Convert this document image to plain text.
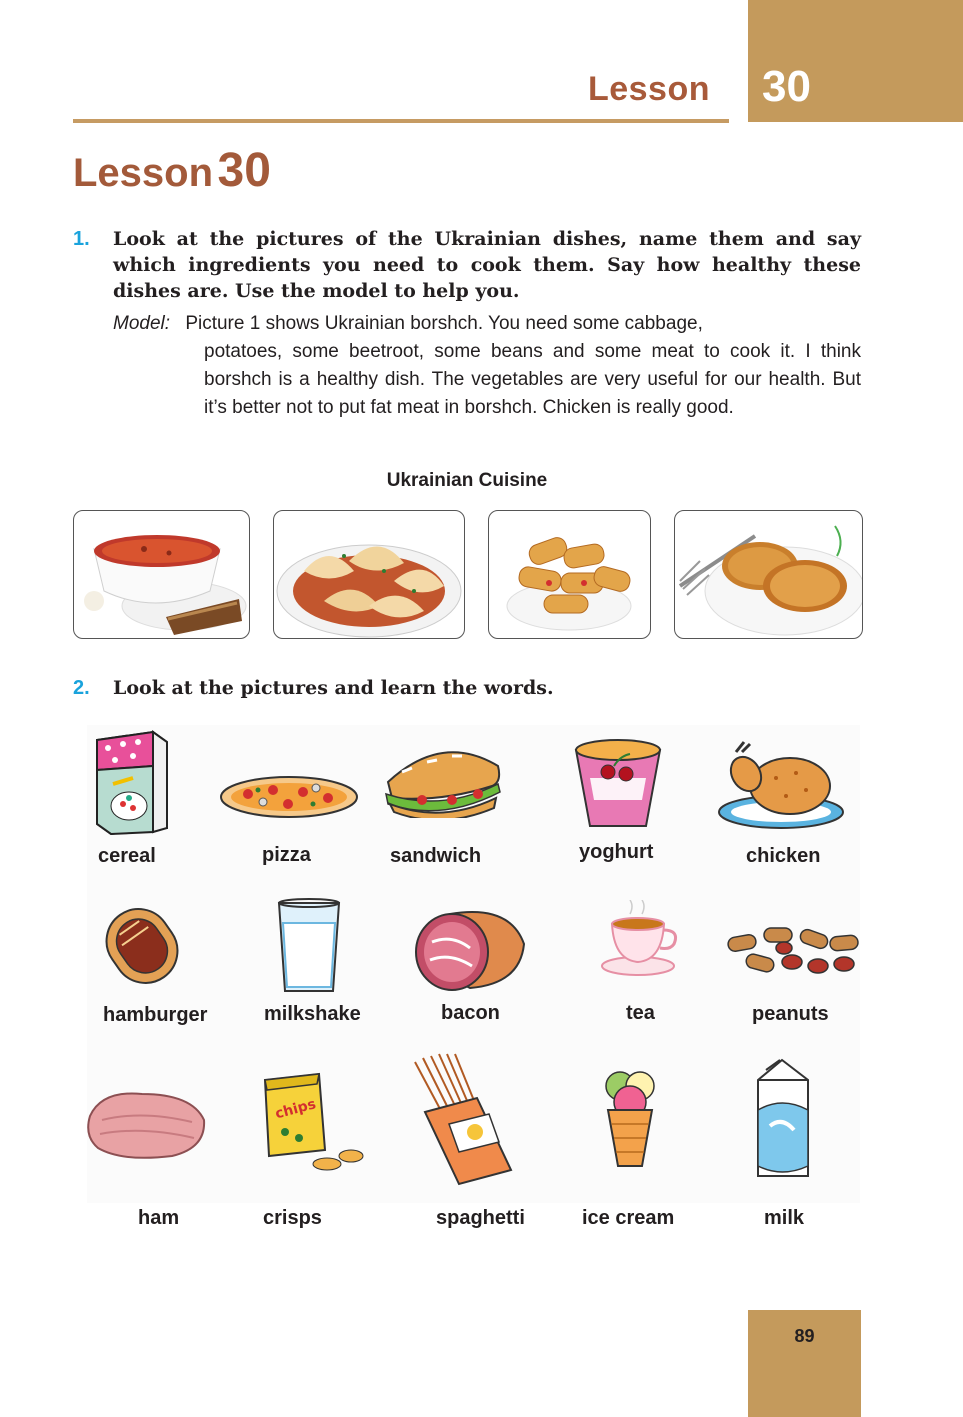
30
Lesson
Lesson 30
1. Look at the pictures of the Ukrainian dishes, name them and say which ingredients you need to cook them. Say how healthy these dishes are. Use the model to help you.
Model: Picture 1 shows Ukrainian borshch. You need some cabbage,
potatoes, some beetroot, some beans and some meat to cook it. I think borshch is a healthy dish. The vegetables are very useful for our health. But it’s better not to put fat meat in borshch. Chicken is really good.
Ukrainian Cuisine
2. Look at the pictures and learn the words.
cereal	pizza	sandwich	yoghurt	chicken
hamburger	milkshake	bacon	tea	peanuts
chips
ham	crisps	spaghetti	ice cream	milk
89
